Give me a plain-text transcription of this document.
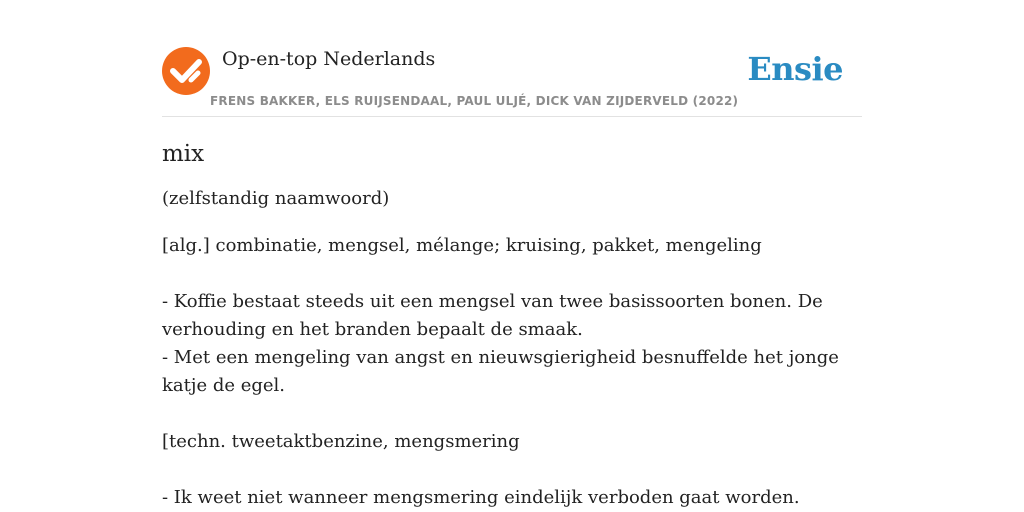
Op-en-top Nederlands
FRENS BAKKER, ELS RUIJSENDAAL, PAUL ULJÉ, DICK VAN ZIJDERVELD (2022)
Ensie
mix

(zelfstandig naamwoord)

[alg.] combinatie, mengsel, mélange; kruising, pakket, mengeling

- Koffie bestaat steeds uit een mengsel van twee basissoorten bonen. De verhouding en het branden bepaalt de smaak.

- Met een mengeling van angst en nieuwsgierigheid besnuffelde het jonge katje de egel.

[techn. tweetaktbenzine, mengsmering

- Ik weet niet wanneer mengsmering eindelijk verboden gaat worden.
